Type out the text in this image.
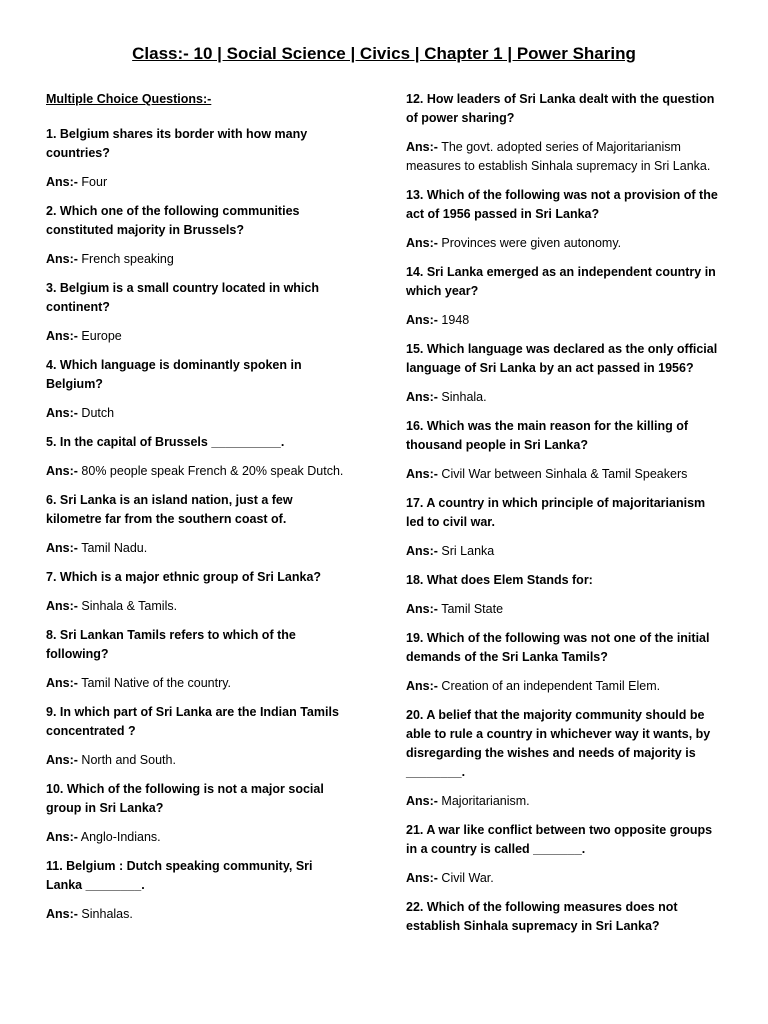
Class:- 10 | Social Science | Civics | Chapter 1 | Power Sharing
Multiple Choice Questions:-
1. Belgium shares its border with how many countries?
Ans:- Four
2. Which one of the following communities constituted majority in Brussels?
Ans:- French speaking
3. Belgium is a small country located in which continent?
Ans:- Europe
4. Which language is dominantly spoken in Belgium?
Ans:- Dutch
5. In the capital of Brussels __________.
Ans:- 80% people speak French & 20% speak Dutch.
6. Sri Lanka is an island nation, just a few kilometre far from the southern coast of.
Ans:- Tamil Nadu.
7. Which is a major ethnic group of Sri Lanka?
Ans:- Sinhala & Tamils.
8. Sri Lankan Tamils refers to which of the following?
Ans:- Tamil Native of the country.
9. In which part of Sri Lanka are the Indian Tamils concentrated ?
Ans:- North and South.
10. Which of the following is not a major social group in Sri Lanka?
Ans:- Anglo-Indians.
11. Belgium : Dutch speaking community, Sri Lanka ________.
Ans:- Sinhalas.
12. How leaders of Sri Lanka dealt with the question of power sharing?
Ans:- The govt. adopted series of Majoritarianism measures to establish Sinhala supremacy in Sri Lanka.
13. Which of the following was not a provision of the act of 1956 passed in Sri Lanka?
Ans:- Provinces were given autonomy.
14. Sri Lanka emerged as an independent country in which year?
Ans:- 1948
15. Which language was declared as the only official language of Sri Lanka by an act passed in 1956?
Ans:- Sinhala.
16. Which was the main reason for the killing of thousand people in Sri Lanka?
Ans:- Civil War between Sinhala & Tamil Speakers
17. A country in which principle of majoritarianism led to civil war.
Ans:- Sri Lanka
18. What does Elem Stands for:
Ans:- Tamil State
19. Which of the following was not one of the initial demands of the Sri Lanka Tamils?
Ans:- Creation of an independent Tamil Elem.
20. A belief that the majority community should be able to rule a country in whichever way it wants, by disregarding the wishes and needs of majority is ________.
Ans:- Majoritarianism.
21. A war like conflict between two opposite groups in a country is called _______.
Ans:- Civil War.
22. Which of the following measures does not establish Sinhala supremacy in Sri Lanka?
